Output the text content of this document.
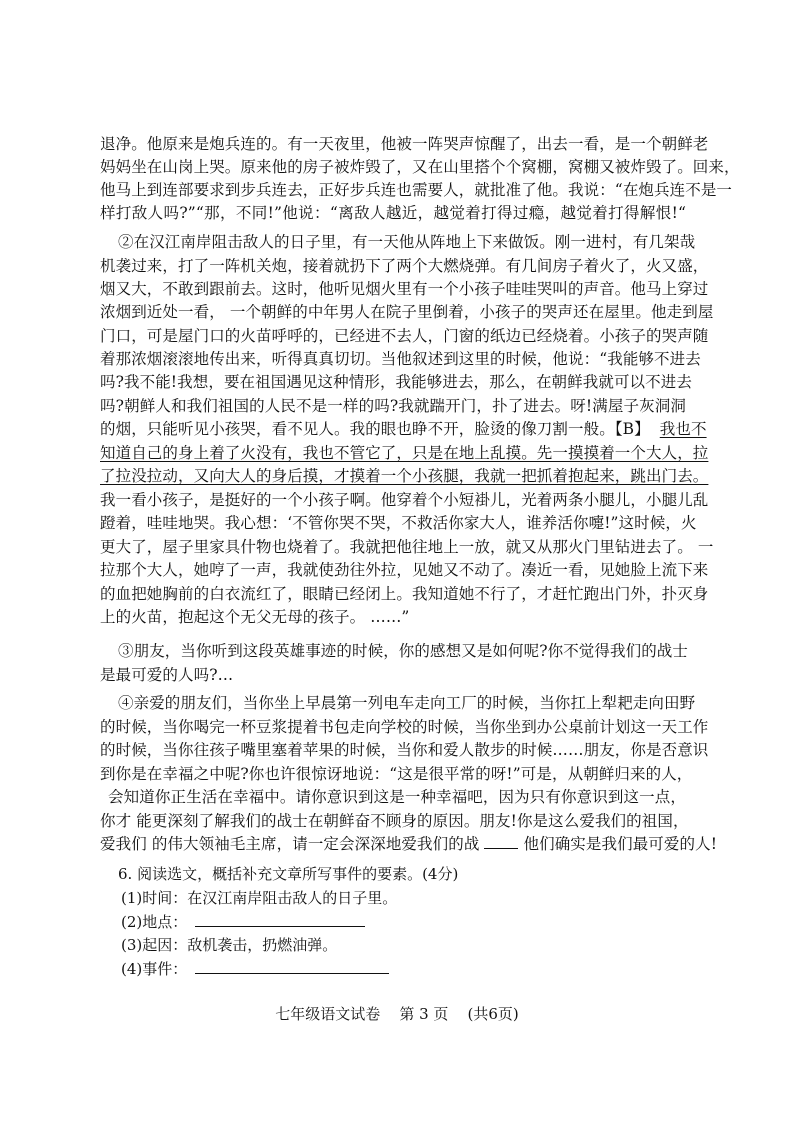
退净。他原来是炮兵连的。有一天夜里，他被一阵哭声惊醒了，出去一看，是一个朝鲜老
妈妈坐在山岗上哭。原来他的房子被炸毁了，又在山里搭个个窝棚，窝棚又被炸毁了。回来，
他马上到连部要求到步兵连去，正好步兵连也需要人，就批准了他。我说：“在炮兵连不是一
样打敌人吗?”“那，不同!”他说：“离敌人越近，越觉着打得过瘾，越觉着打得解恨!“
②在汉江南岸阻击敌人的日子里，有一天他从阵地上下来做饭。刚一进村，有几架哉
机袭过来，打了一阵机关炮，接着就扔下了两个大燃烧弹。有几间房子着火了，火又盛，
烟又大，不敢到跟前去。这时，他听见烟火里有一个小孩子哇哇哭叫的声音。他马上穿过
浓烟到近处一看， 一个朝鲜的中年男人在院子里倒着，小孩子的哭声还在屋里。他走到屋
门口，可是屋门口的火苗呼呼的，已经进不去人，门窗的纸边已经烧着。小孩子的哭声随
着那浓烟滚滚地传出来，听得真真切切。当他叙述到这里的时候，他说：“我能够不进去
吗?我不能!我想，要在祖国遇见这种情形，我能够进去，那么，在朝鲜我就可以不进去
吗?朝鲜人和我们祖国的人民不是一样的吗?我就踹开门，扑了进去。呀!满屋子灰洞洞
的烟，只能听见小孩哭，看不见人。我的眼也睁不开，脸烫的像刀割一般。【B】 我也不
知道自己的身上着了火没有，我也不管它了，只是在地上乱摸。先一摸摸着一个大人，拉
了拉没拉动，又向大人的身后摸，才摸着一个小孩腿，我就一把抓着抱起来，跳出门去。
我一看小孩子，是挺好的一个小孩子啊。他穿着个小短褂儿，光着两条小腿儿，小腿儿乱
蹬着，哇哇地哭。我心想：‘不管你哭不哭，不救活你家大人，谁养活你嚏!”这时候，火
更大了，屋子里家具什物也烧着了。我就把他往地上一放，就又从那火门里钻进去了。 一
拉那个大人，她哼了一声，我就使劲往外拉，见她又不动了。凑近一看，见她脸上流下来
的血把她胸前的白衣流红了，眼睛已经闭上。我知道她不行了，才赶忙跑出门外，扑灭身
上的火苗，抱起这个无父无母的孩子。 ……”
③朋友，当你听到这段英雄事迹的时候，你的感想又是如何呢?你不觉得我们的战士
是最可爱的人吗?…
④亲爱的朋友们，当你坐上早晨第一列电车走向工厂的时候，当你扛上犁耙走向田野
的时候，当你喝完一杯豆浆提着书包走向学校的时候，当你坐到办公桌前计划这一天工作
的时候，当你往孩子嘴里塞着苹果的时候，当你和爱人散步的时候……朋友，你是否意识
到你是在幸福之中呢?你也许很惊讶地说：“这是很平常的呀!”可是，从朝鲜归来的人，
会知道你正生活在幸福中。请你意识到这是一种幸福吧，因为只有你意识到这一点，
你才 能更深刻了解我们的战士在朝鲜奋不顾身的原因。朋友!你是这么爱我们的祖国，
爱我们 的伟大领袖毛主席，请一定会深深地爱我们的战	他们确实是我们最可爱的人!
6. 阅读选文，概括补充文章所写事件的要素。(4分)
(1)时间：在汉江南岸阻击敌人的日子里。
(2)地点：
(3)起因：敌机袭击，扔燃油弹。
(4)事件：
七年级语文试卷 第 3 页 (共6页)
